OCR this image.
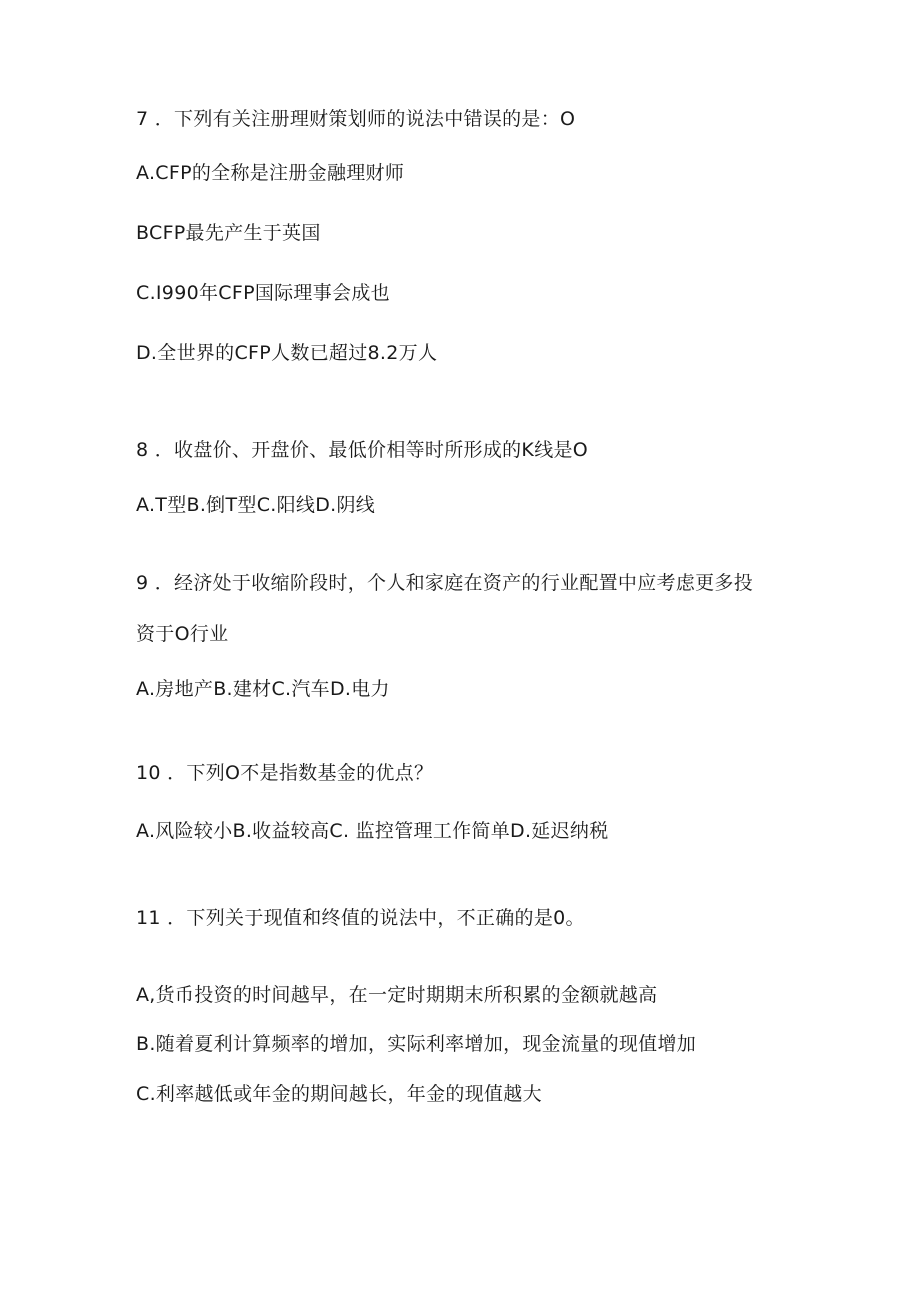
7 ．下列有关注册理财策划师的说法中错误的是：O
A.CFP的全称是注册金融理财师
BCFP最先产生于英国
C.I990年CFP国际理事会成也
D.全世界的CFP人数已超过8.2万人
8 ．收盘价、开盘价、最低价相等时所形成的K线是O
A.T型B.倒T型C.阳线D.阴线
9 ．经济处于收缩阶段时，个人和家庭在资产的行业配置中应考虑更多投
资于O行业
A.房地产B.建材C.汽车D.电力
10 ．下列O不是指数基金的优点？
A.风险较小B.收益较高C. 监控管理工作简单D.延迟纳税
11 ．下列关于现值和终值的说法中，不正确的是0。
A,货币投资的时间越早，在一定时期期末所积累的金额就越高
B.随着夏利计算频率的增加，实际利率增加，现金流量的现值增加
C.利率越低或年金的期间越长，年金的现值越大
